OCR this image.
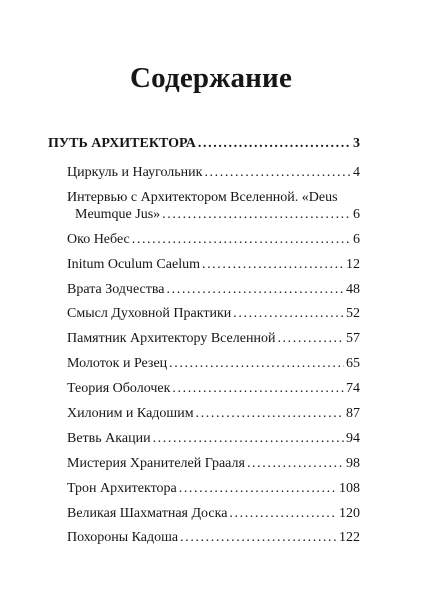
Содержание
ПУТЬ АРХИТЕКТОРА .....	3
Циркуль и Наугольник .....	4
Интервью с Архитектором Вселенной. «Deus
Meumque Jus» .....	6
Око Небес .....	6
Initum Oculum Caelum .....	12
Врата Зодчества .....	48
Смысл Духовной Практики .....	52
Памятник Архитектору Вселенной .....	57
Молоток и Резец .....	65
Теория Оболочек .....	74
Хилоним и Кадошим .....	87
Ветвь Акации .....	94
Мистерия Хранителей Грааля .....	98
Трон Архитектора .....	108
Великая Шахматная Доска .....	120
Похороны Кадоша .....	122
